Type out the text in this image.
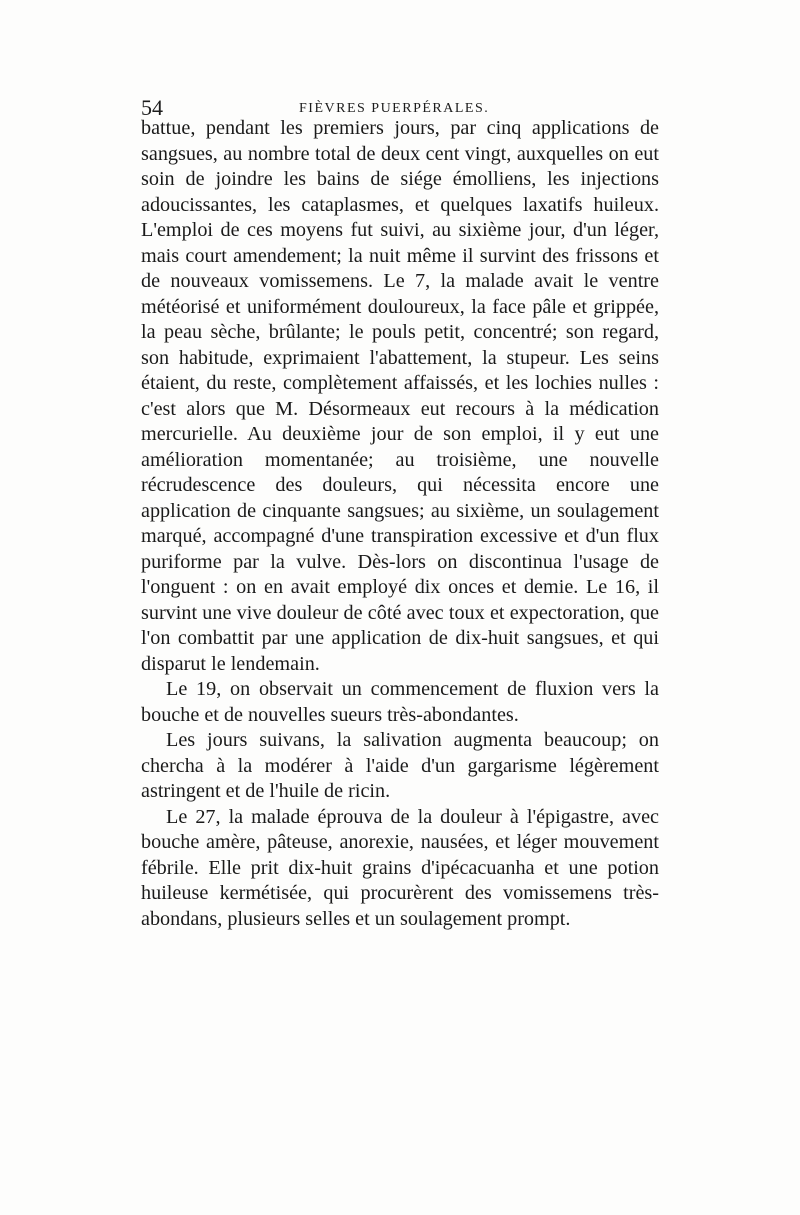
54	FIÈVRES PUERPÉRALES.

battue, pendant les premiers jours, par cinq applications de sangsues, au nombre total de deux cent vingt, auxquelles on eut soin de joindre les bains de siége émolliens, les injections adoucissantes, les cataplasmes, et quelques laxatifs huileux. L'emploi de ces moyens fut suivi, au sixième jour, d'un léger, mais court amendement; la nuit même il survint des frissons et de nouveaux vomissemens. Le 7, la malade avait le ventre météorisé et uniformément douloureux, la face pâle et grippée, la peau sèche, brûlante; le pouls petit, concentré; son regard, son habitude, exprimaient l'abattement, la stupeur. Les seins étaient, du reste, complètement affaissés, et les lochies nulles : c'est alors que M. Désormeaux eut recours à la médication mercurielle. Au deuxième jour de son emploi, il y eut une amélioration momentanée; au troisième, une nouvelle récrudescence des douleurs, qui nécessita encore une application de cinquante sangsues; au sixième, un soulagement marqué, accompagné d'une transpiration excessive et d'un flux puriforme par la vulve. Dès-lors on discontinua l'usage de l'onguent : on en avait employé dix onces et demie. Le 16, il survint une vive douleur de côté avec toux et expectoration, que l'on combattit par une application de dix-huit sangsues, et qui disparut le lendemain.

Le 19, on observait un commencement de fluxion vers la bouche et de nouvelles sueurs très-abondantes.

Les jours suivans, la salivation augmenta beaucoup; on chercha à la modérer à l'aide d'un gargarisme légèrement astringent et de l'huile de ricin.

Le 27, la malade éprouva de la douleur à l'épigastre, avec bouche amère, pâteuse, anorexie, nausées, et léger mouvement fébrile. Elle prit dix-huit grains d'ipécacuanha et une potion huileuse kermétisée, qui procurèrent des vomissemens très-abondans, plusieurs selles et un soulagement prompt.
